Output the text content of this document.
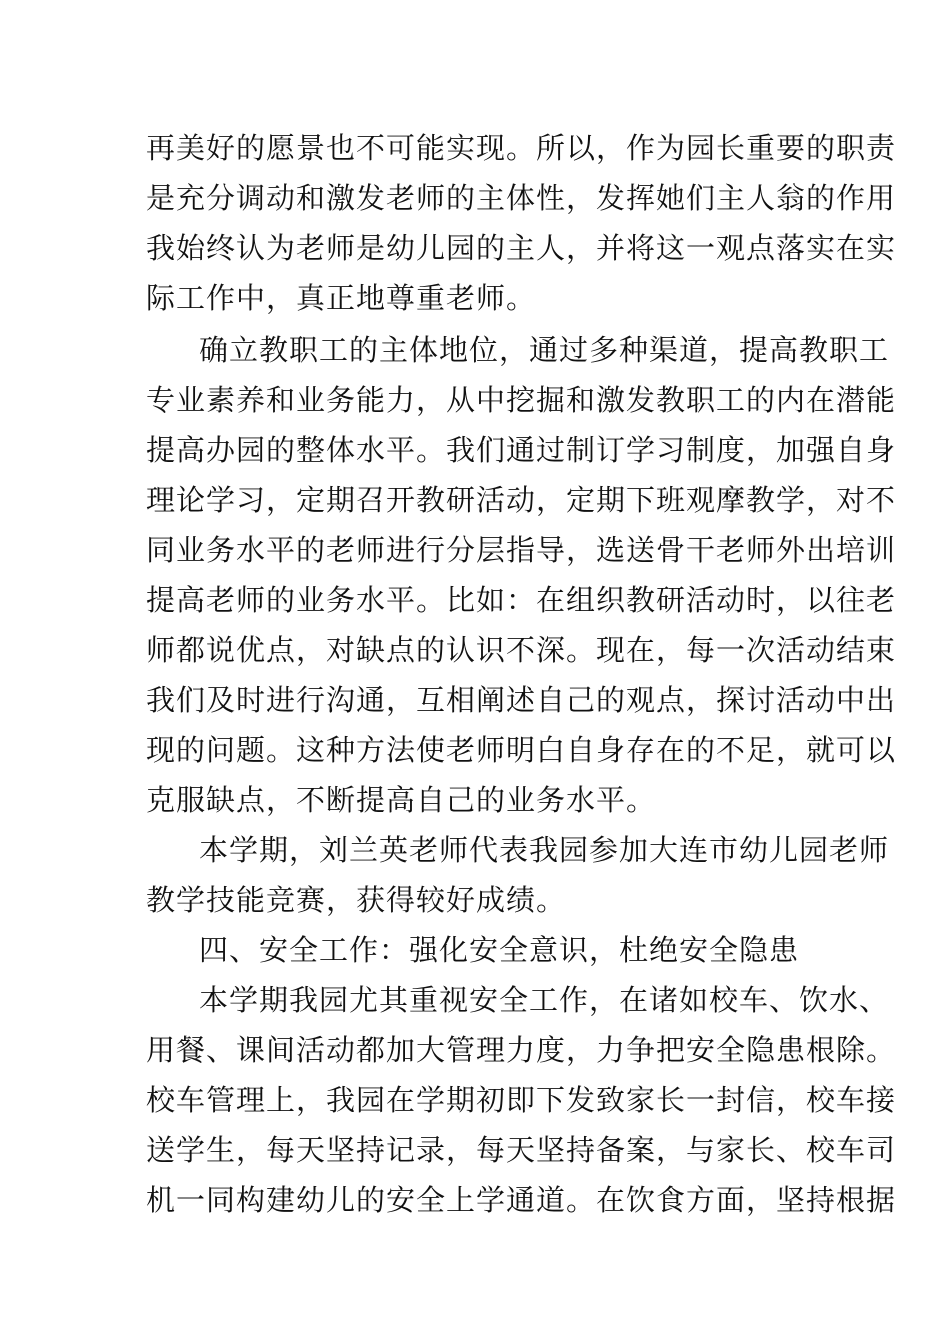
再美好的愿景也不可能实现。所以，作为园长重要的职责
是充分调动和激发老师的主体性，发挥她们主人翁的作用
我始终认为老师是幼儿园的主人，并将这一观点落实在实
际工作中，真正地尊重老师。
确立教职工的主体地位，通过多种渠道，提高教职工
专业素养和业务能力，从中挖掘和激发教职工的内在潜能
提高办园的整体水平。我们通过制订学习制度，加强自身
理论学习，定期召开教研活动，定期下班观摩教学，对不
同业务水平的老师进行分层指导，选送骨干老师外出培训
提高老师的业务水平。比如：在组织教研活动时，以往老
师都说优点，对缺点的认识不深。现在，每一次活动结束
我们及时进行沟通，互相阐述自己的观点，探讨活动中出
现的问题。这种方法使老师明白自身存在的不足，就可以
克服缺点，不断提高自己的业务水平。
本学期，刘兰英老师代表我园参加大连市幼儿园老师
教学技能竞赛，获得较好成绩。
四、安全工作：强化安全意识，杜绝安全隐患
本学期我园尤其重视安全工作，在诸如校车、饮水、
用餐、课间活动都加大管理力度，力争把安全隐患根除。
校车管理上，我园在学期初即下发致家长一封信，校车接
送学生，每天坚持记录，每天坚持备案，与家长、校车司
机一同构建幼儿的安全上学通道。在饮食方面，坚持根据
